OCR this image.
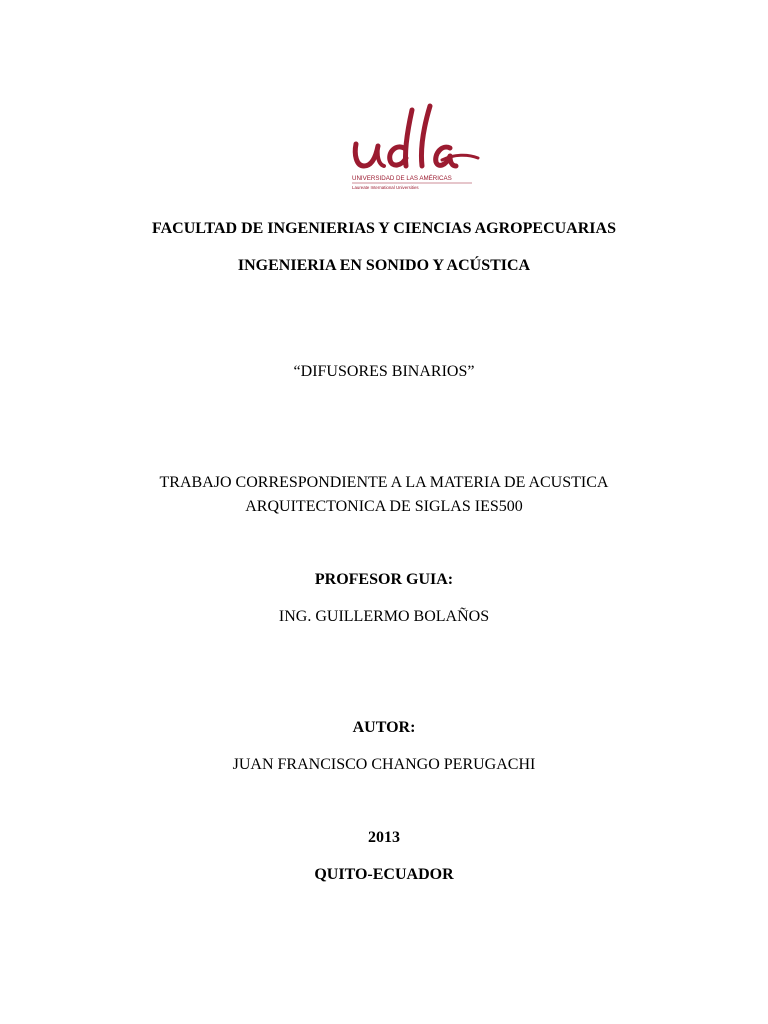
UNIVERSIDAD DE LAS AMÉRICAS
Laureate International Universities
FACULTAD DE INGENIERIAS Y CIENCIAS AGROPECUARIAS
INGENIERIA EN SONIDO Y ACÚSTICA
“DIFUSORES BINARIOS”
TRABAJO CORRESPONDIENTE A LA MATERIA DE ACUSTICA
ARQUITECTONICA DE SIGLAS IES500
PROFESOR GUIA:
ING. GUILLERMO BOLAÑOS
AUTOR:
JUAN FRANCISCO CHANGO PERUGACHI
2013
QUITO-ECUADOR
